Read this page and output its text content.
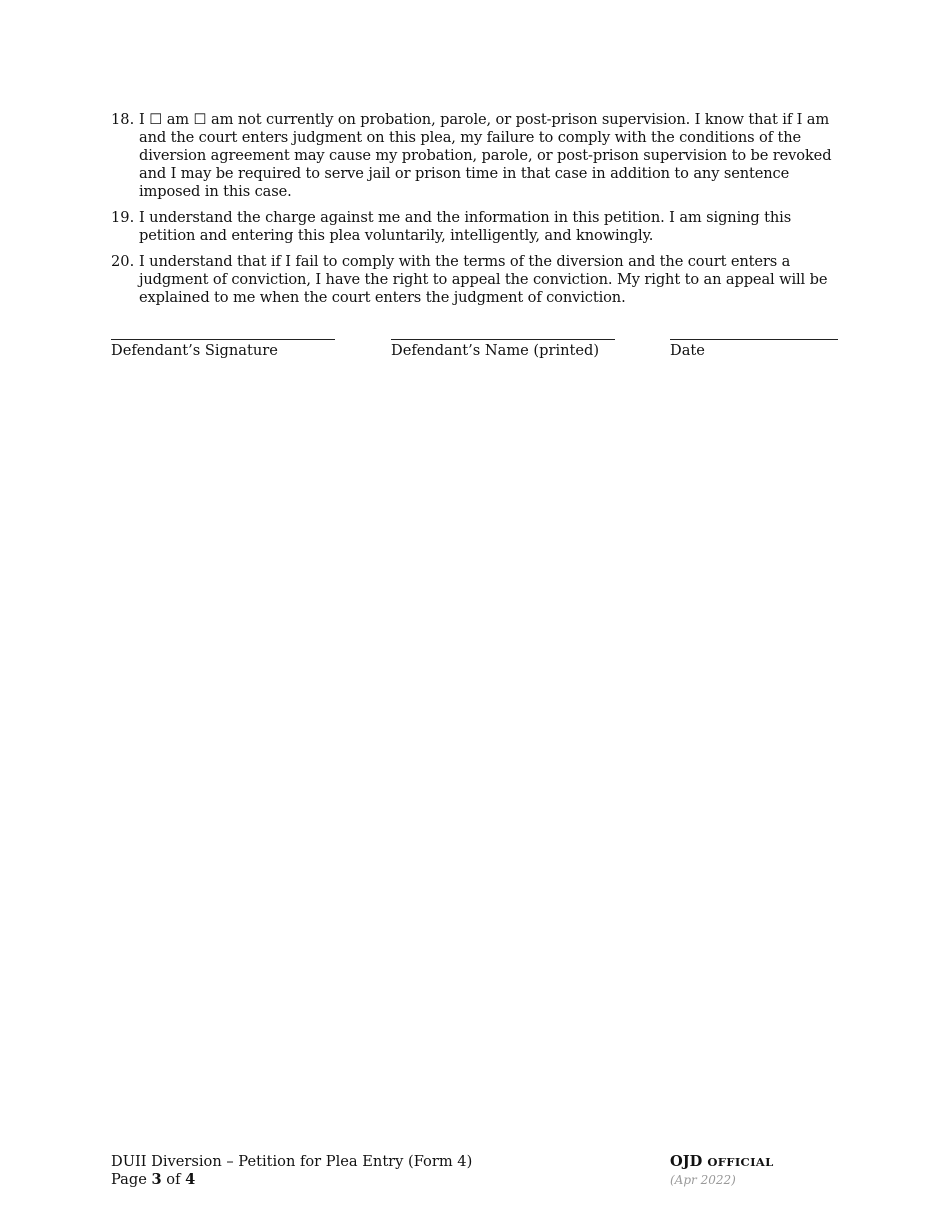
18. I ☐ am ☐ am not currently on probation, parole, or post-prison supervision. I know that if I am and the court enters judgment on this plea, my failure to comply with the conditions of the diversion agreement may cause my probation, parole, or post-prison supervision to be revoked and I may be required to serve jail or prison time in that case in addition to any sentence imposed in this case.
19. I understand the charge against me and the information in this petition. I am signing this petition and entering this plea voluntarily, intelligently, and knowingly.
20. I understand that if I fail to comply with the terms of the diversion and the court enters a judgment of conviction, I have the right to appeal the conviction. My right to an appeal will be explained to me when the court enters the judgment of conviction.
Defendant’s Signature	Defendant’s Name (printed)	Date
DUII Diversion – Petition for Plea Entry (Form 4)
Page 3 of 4
OJD OFFICIAL
(Apr 2022)
